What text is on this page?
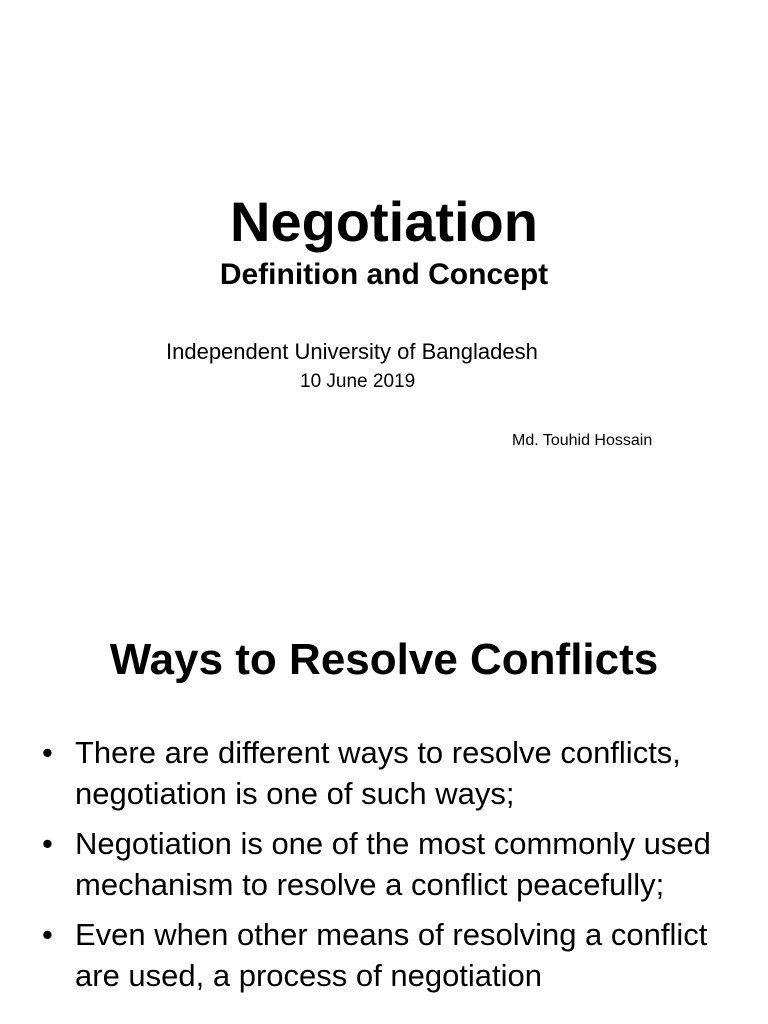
Negotiation
Definition and Concept
Independent University of Bangladesh
10 June 2019
Md. Touhid Hossain
Ways to Resolve Conflicts
• There are different ways to resolve conflicts, negotiation is one of such ways;
• Negotiation is one of the most commonly used mechanism to resolve a conflict peacefully;
• Even when other means of resolving a conflict are used, a process of negotiation
